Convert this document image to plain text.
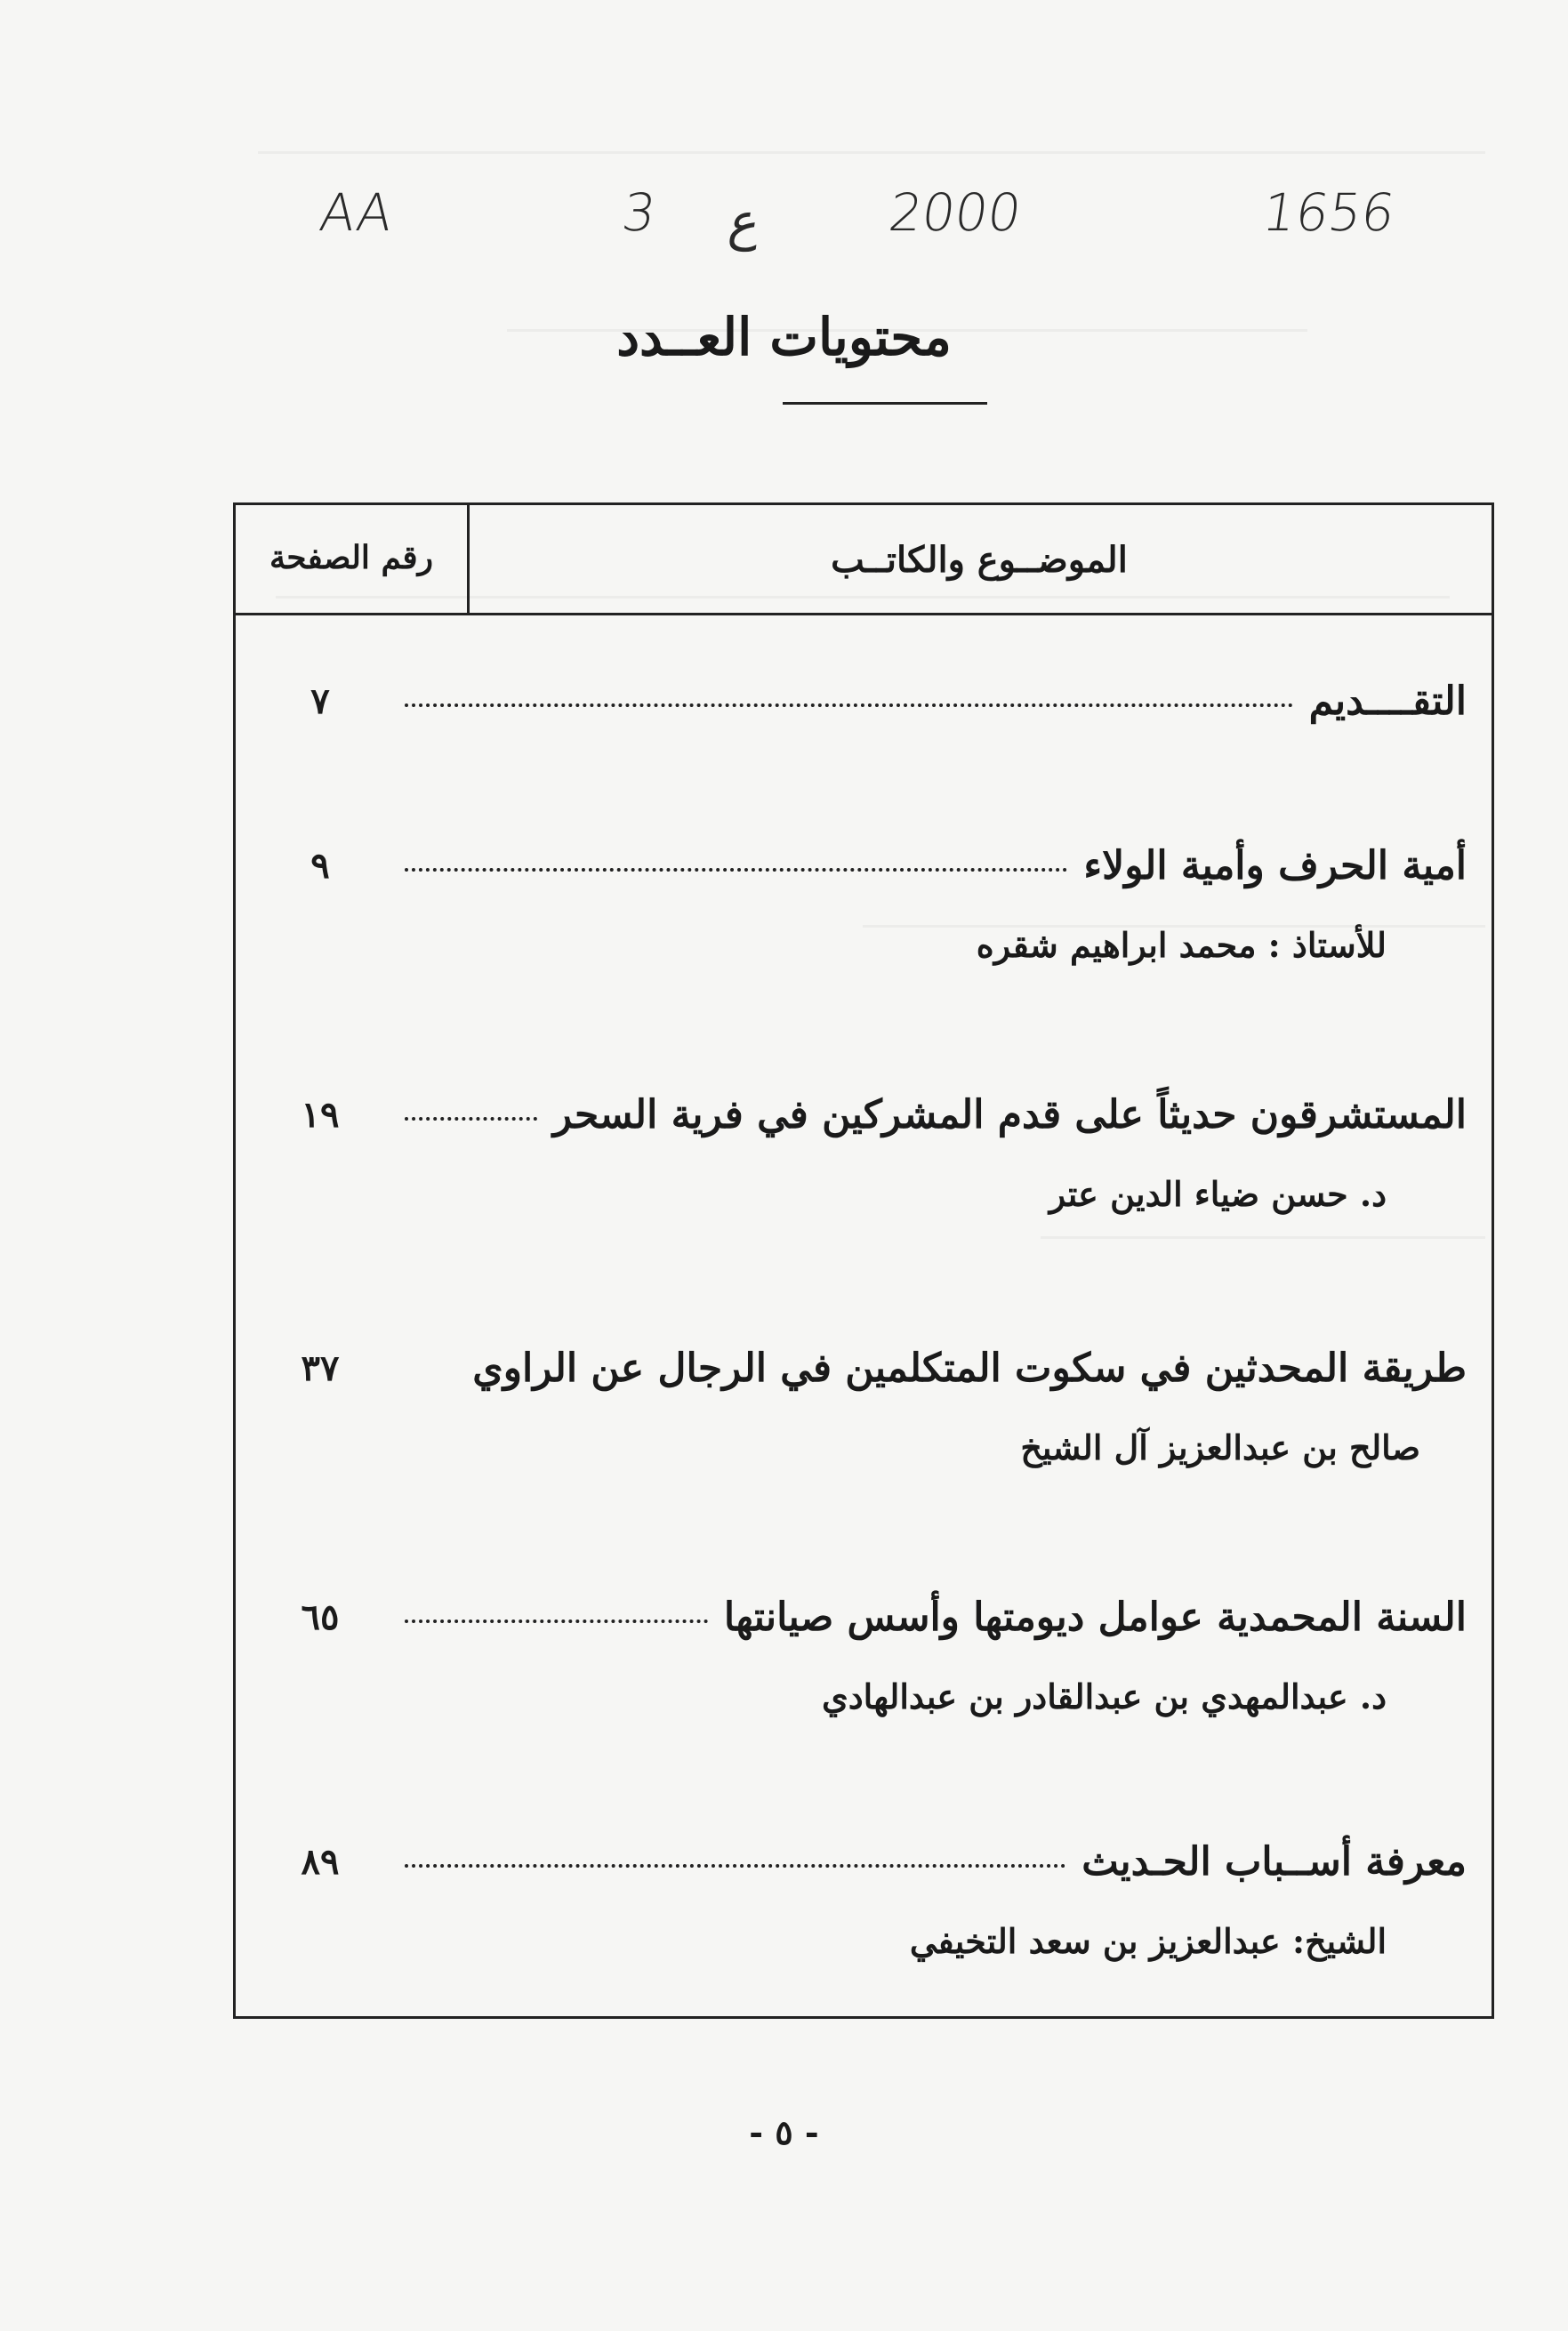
AA	3 ع 2000	1656
محتويات العــدد
الموضــوع والكاتــب
رقم الصفحة
التقــــديم
٧
أمية الحرف وأمية الولاء
٩
للأستاذ : محمد ابراهيم شقره
المستشرقون حديثاً على قدم المشركين في فرية السحر
١٩
د. حسن ضياء الدين عتر
طريقة المحدثين في سكوت المتكلمين في الرجال عن الراوي
٣٧
صالح بن عبدالعزيز آل الشيخ
السنة المحمدية عوامل ديومتها وأسس صيانتها
٦٥
د. عبدالمهدي بن عبدالقادر بن عبدالهادي
معرفة أســباب الحـديث
٨٩
الشيخ: عبدالعزيز بن سعد التخيفي
- ٥ -
